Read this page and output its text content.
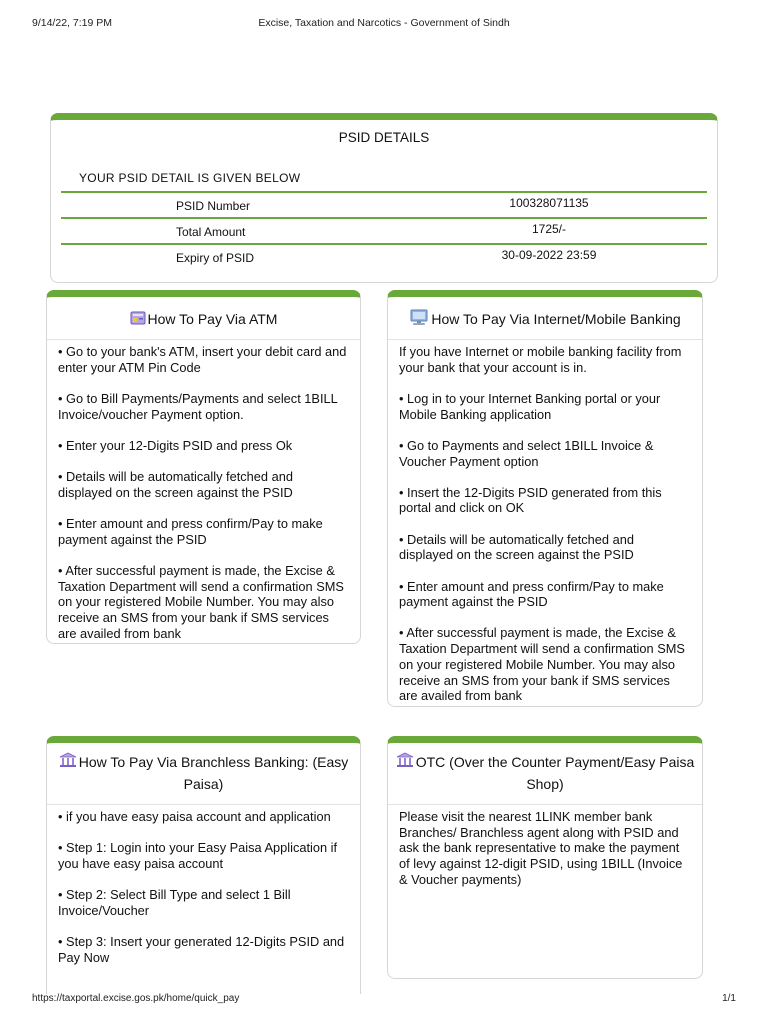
9/14/22, 7:19 PM	Excise, Taxation and Narcotics - Government of Sindh
PSID DETAILS
YOUR PSID DETAIL IS GIVEN BELOW
PSID Number	100328071135
Total Amount	1725/-
Expiry of PSID	30-09-2022 23:59
How To Pay Via ATM

• Go to your bank's ATM, insert your debit card and enter your ATM Pin Code

• Go to Bill Payments/Payments and select 1BILL Invoice/voucher Payment option.

• Enter your 12-Digits PSID and press Ok

• Details will be automatically fetched and displayed on the screen against the PSID

• Enter amount and press confirm/Pay to make payment against the PSID

• After successful payment is made, the Excise & Taxation Department will send a confirmation SMS on your registered Mobile Number. You may also receive an SMS from your bank if SMS services are availed from bank

How To Pay Via Internet/Mobile Banking

If you have Internet or mobile banking facility from your bank that your account is in.

• Log in to your Internet Banking portal or your Mobile Banking application

• Go to Payments and select 1BILL Invoice & Voucher Payment option

• Insert the 12-Digits PSID generated from this portal and click on OK

• Details will be automatically fetched and displayed on the screen against the PSID

• Enter amount and press confirm/Pay to make payment against the PSID

• After successful payment is made, the Excise & Taxation Department will send a confirmation SMS on your registered Mobile Number. You may also receive an SMS from your bank if SMS services are availed from bank

How To Pay Via Branchless Banking: (Easy Paisa)

• if you have easy paisa account and application

• Step 1: Login into your Easy Paisa Application if you have easy paisa account

• Step 2: Select Bill Type and select 1 Bill Invoice/Voucher

• Step 3: Insert your generated 12-Digits PSID and Pay Now

OTC (Over the Counter Payment/Easy Paisa Shop)

Please visit the nearest 1LINK member bank Branches/ Branchless agent along with PSID and ask the bank representative to make the payment of levy against 12-digit PSID, using 1BILL (Invoice & Voucher payments)

https://taxportal.excise.gos.pk/home/quick_pay	1/1
